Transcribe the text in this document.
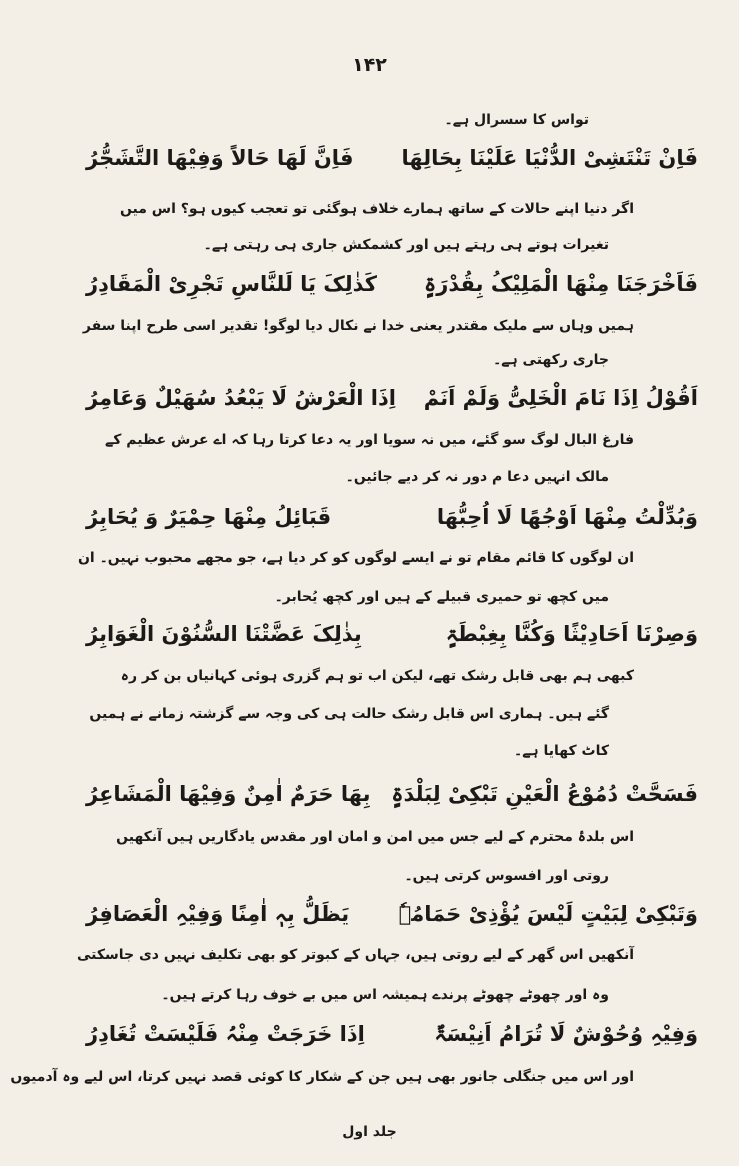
۱۴۲
تواس کا سسرال ہے۔
فَاِنْ تَنْتَشِیْ الدُّنْیَا عَلَیْنَا بِحَالِھَا
فَاِنَّ لَھَا حَالاً وَفِیْھَا التَّشَجُّرُ
اگر دنیا اپنے حالات کے ساتھ ہمارے خلاف ہوگئی تو تعجب کیوں ہو؟ اس میں
تغیرات ہوتے ہی رہتے ہیں اور کشمکش جاری ہی رہتی ہے۔
فَاَخْرَجَنَا مِنْھَا الْمَلِیْکُ بِقُدْرَۃٍ
کَذٰلِکَ یَا لَلنَّاسِ تَجْرِیْ الْمَقَادِرُ
ہمیں وہاں سے ملیک مقتدر یعنی خدا نے نکال دیا لوگو! تقدیر اسی طرح اپنا سفر
جاری رکھتی ہے۔
اَقُوْلُ اِذَا نَامَ الْخَلِیُّ وَلَمْ اَنَمْ
اِذَا الْعَرْشُ لَا یَبْعُدُ سُھَیْلٌ وَعَامِرُ
فارغ البال لوگ سو گئے، میں نہ سویا اور یہ دعا کرتا رہا کہ اے عرش عظیم کے
مالک انہیں دعا م دور نہ کر دیے جائیں۔
وَبُدِّلْتُ مِنْھَا اَوْجُھًا لَا اُحِبُّھَا
قَبَائِلُ مِنْھَا حِمْیَرٌ وَ یُحَابِرُ
ان لوگوں کا قائم مقام تو نے ایسے لوگوں کو کر دیا ہے، جو مجھے محبوب نہیں۔ ان
میں کچھ تو حمیری قبیلے کے ہیں اور کچھ یُحابر۔
وَصِرْنَا اَحَادِیْثًا وَکُنَّا بِغِبْطَۃٍ
بِذٰلِکَ عَضَّتْنَا السُّنُوْنَ الْغَوَابِرُ
کبھی ہم بھی قابل رشک تھے، لیکن اب تو ہم گزری ہوئی کہانیاں بن کر رہ
گئے ہیں۔ ہماری اس قابل رشک حالت ہی کی وجہ سے گزشتہ زمانے نے ہمیں
کاٹ کھایا ہے۔
فَسَحَّتْ دُمُوْعُ الْعَیْنِ تَبْکِیْ لِبَلْدَۃٍ
بِھَا حَرَمٌ اٰمِنٌ وَفِیْھَا الْمَشَاعِرُ
اس بلدۂ محترم کے لیے جس میں امن و امان اور مقدس یادگاریں ہیں آنکھیں
روتی اور افسوس کرتی ہیں۔
وَتَبْکِیْ لِبَیْتٍ لَیْسَ یُؤْذِیْ حَمَامُہٗ
یَظَلُّ بِہٖ اٰمِنًا وَفِیْہِ الْعَصَافِرُ
آنکھیں اس گھر کے لیے روتی ہیں، جہاں کے کبوتر کو بھی تکلیف نہیں دی جاسکتی
وہ اور چھوٹے چھوٹے پرندے ہمیشہ اس میں بے خوف رہا کرتے ہیں۔
وَفِیْہِ وُحُوْشٌ لَا تُرَامُ اَنِیْسَۃٌ
اِذَا خَرَجَتْ مِنْہُ فَلَیْسَتْ تُغَادِرُ
اور اس میں جنگلی جانور بھی ہیں جن کے شکار کا کوئی قصد نہیں کرتا، اس لیے وہ آدمیوں
جلد اول
